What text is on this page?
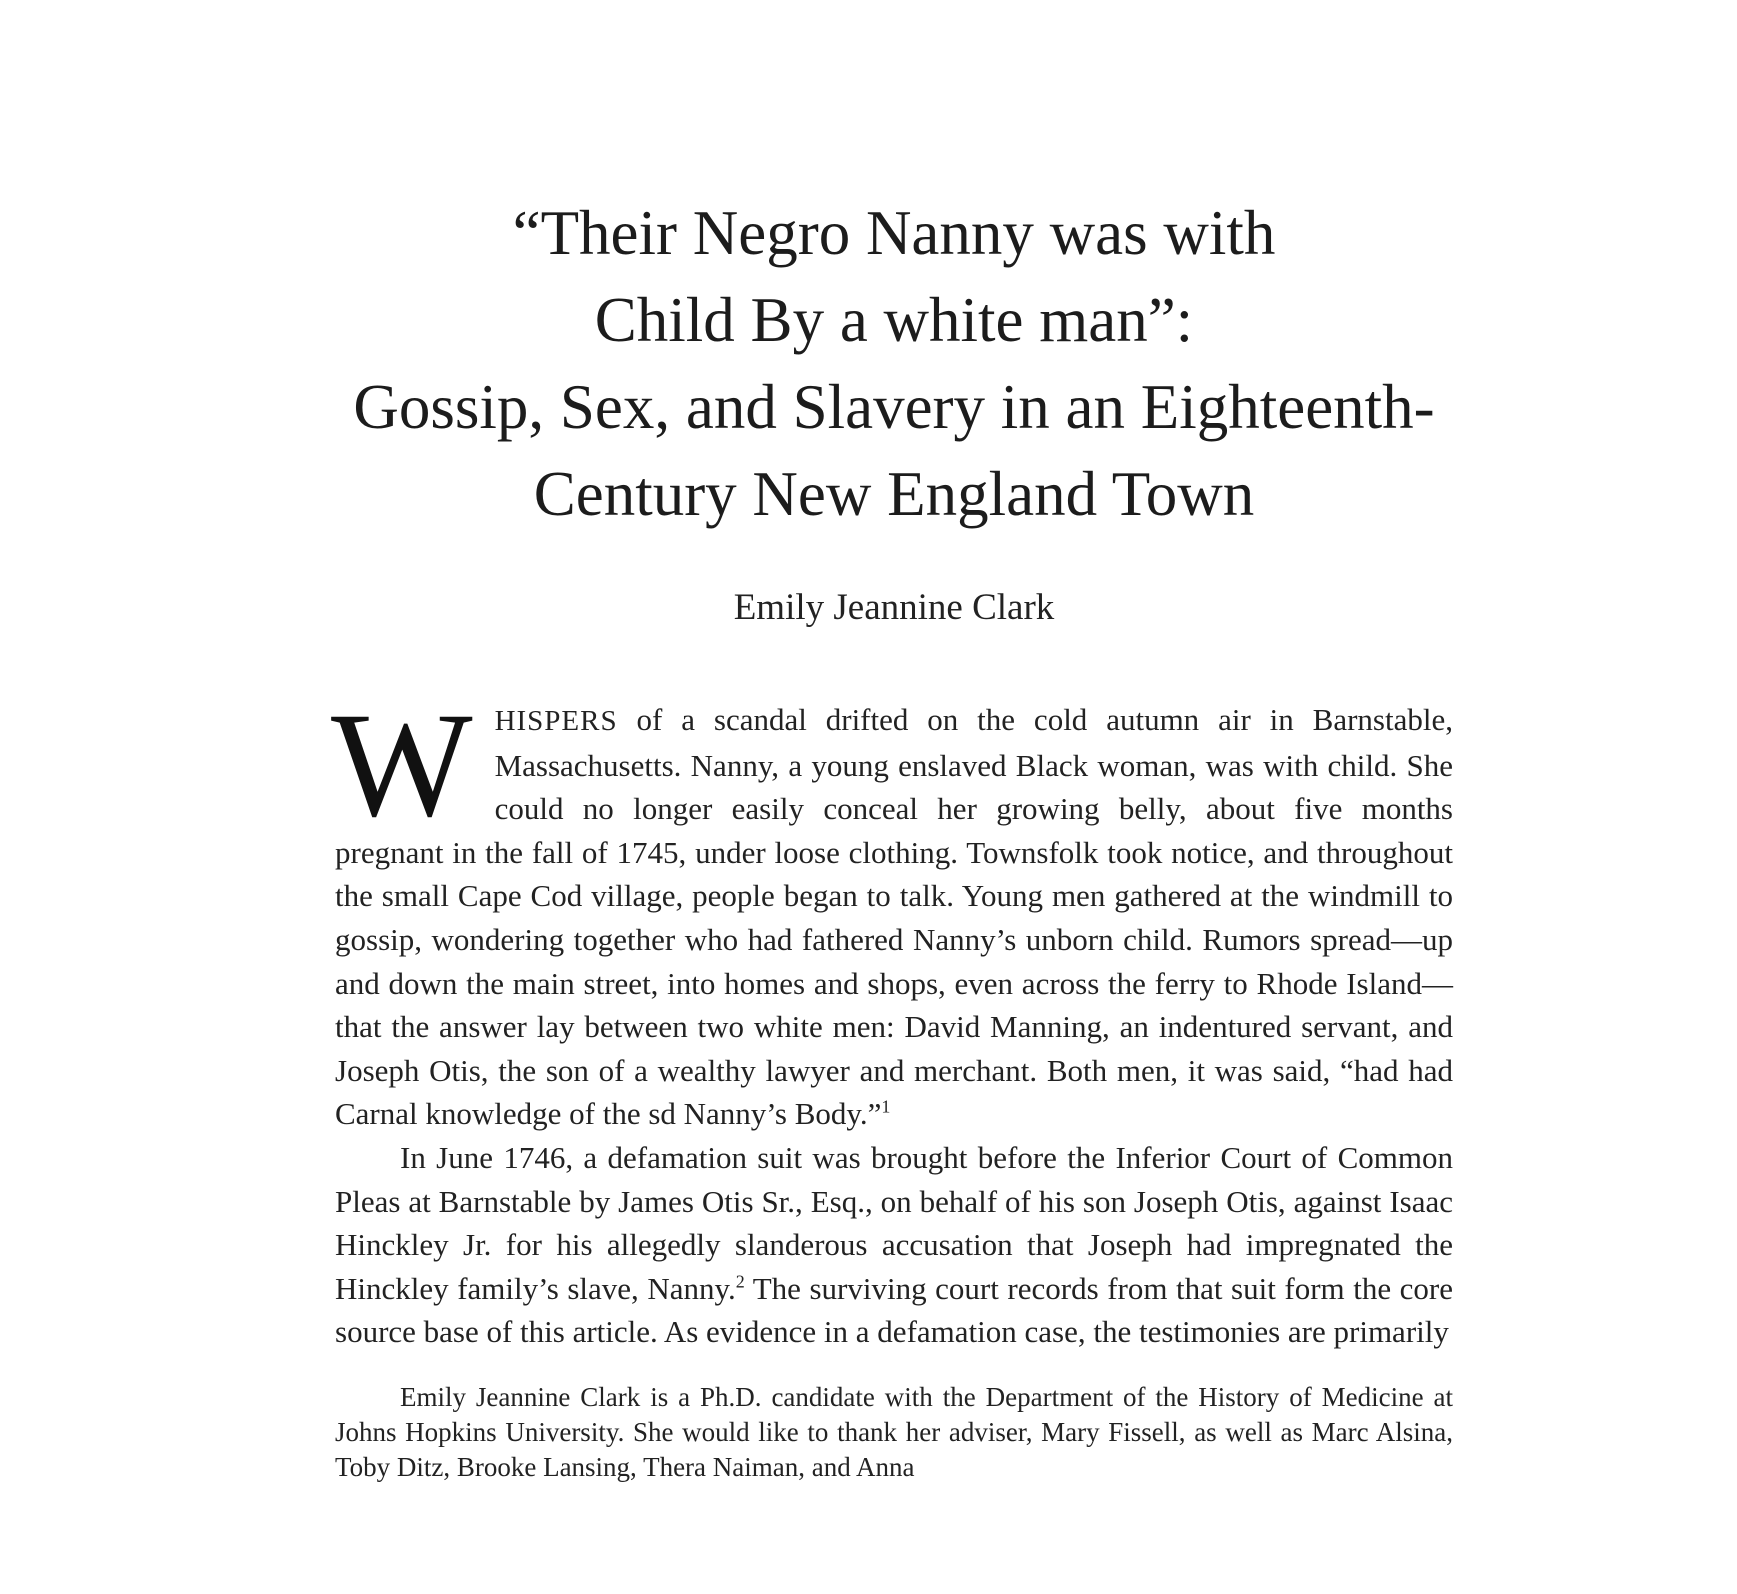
“Their Negro Nanny was with
Child By a white man”:
Gossip, Sex, and Slavery in an Eighteenth-
Century New England Town
Emily Jeannine Clark

WHISPERS of a scandal drifted on the cold autumn air in Barnstable, Massachusetts. Nanny, a young enslaved Black woman, was with child. She could no longer easily conceal her growing belly, about five months pregnant in the fall of 1745, under loose clothing. Townsfolk took notice, and throughout the small Cape Cod village, people began to talk. Young men gathered at the windmill to gossip, wondering together who had fathered Nanny’s unborn child. Rumors spread—up and down the main street, into homes and shops, even across the ferry to Rhode Island—that the answer lay between two white men: David Manning, an indentured servant, and Joseph Otis, the son of a wealthy lawyer and merchant. Both men, it was said, “had had Carnal knowledge of the sd Nanny’s Body.”$^1$

In June 1746, a defamation suit was brought before the Inferior Court of Common Pleas at Barnstable by James Otis Sr., Esq., on behalf of his son Joseph Otis, against Isaac Hinckley Jr. for his allegedly slanderous accusation that Joseph had impregnated the Hinckley family’s slave, Nanny.$^2$ The surviving court records from that suit form the core source base of this article. As evidence in a defamation case, the testimonies are primarily

Emily Jeannine Clark is a Ph.D. candidate with the Department of the History of Medicine at Johns Hopkins University. She would like to thank her adviser, Mary Fissell, as well as Marc Alsina, Toby Ditz, Brooke Lansing, Thera Naiman, and Anna
